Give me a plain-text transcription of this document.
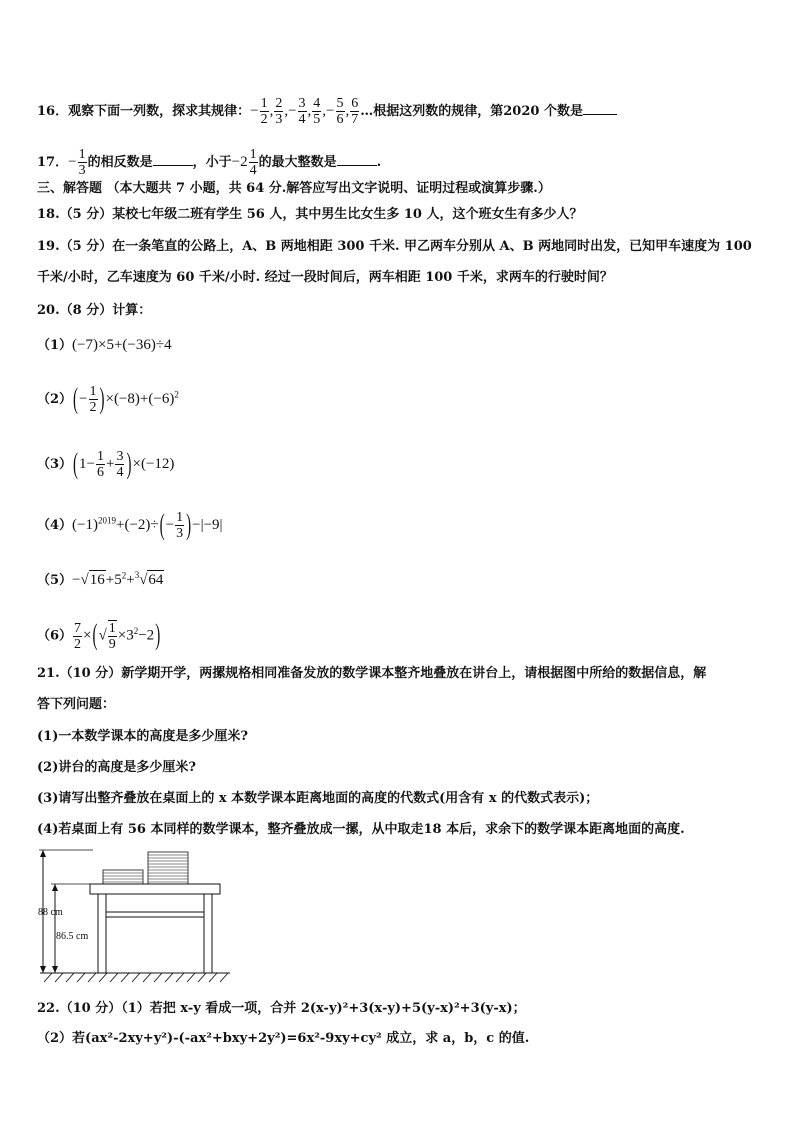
16．观察下面一列数，探求其规律：− $\frac{1}{2}$ , $\frac{2}{3}$ ,− $\frac{3}{4}$ , $\frac{4}{5}$ ,− $\frac{5}{6}$ , $\frac{6}{7}$ …根据这列数的规律，第2020 个数是
17．− $\frac{1}{3}$ 的相反数是	，小于$-2 \frac{1}{4}$ 的最大整数是	.
三、解答题 （本大题共 7 小题，共 64 分.解答应写出文字说明、证明过程或演算步骤.）
18.（5 分）某校七年级二班有学生 56 人，其中男生比女生多 10 人，这个班女生有多少人？
19.（5 分）在一条笔直的公路上，A、B 两地相距 300 千米. 甲乙两车分别从 A、B 两地同时出发，已知甲车速度为 100
千米/小时，乙车速度为 60 千米/小时. 经过一段时间后，两车相距 100 千米，求两车的行驶时间？
20.（8 分）计算：
（1）(−7)×5+(−36)÷4
$(2)(- \frac{1}{2} )\times(-8)+(-6)^2$
$(3)(1- \frac{1}{6} + \frac{3}{4} )\times(-12)$
$(4)(-1)^{2019}+(-2)\div(- \frac{1}{3} )-|-9|$
$(5)-√16+5^2+^3√64$
$(6) \frac{7}{2}$ ×(√ $\frac{1}{9} \times 3^2-2$)
21.（10 分）新学期开学，两摞规格相同准备发放的数学课本整齐地叠放在讲台上，请根据图中所给的数据信息，解
答下列问题：
(1)一本数学课本的高度是多少厘米?
(2)讲台的高度是多少厘米?
(3)请写出整齐叠放在桌面上的 x 本数学课本距离地面的高度的代数式(用含有 x 的代数式表示)；
(4)若桌面上有 56 本同样的数学课本，整齐叠放成一摞，从中取走18 本后，求余下的数学课本距离地面的高度.
88 cm
86.5 cm
22.（10 分）（1）若把 x-y 看成一项，合并 2(x-y)²+3(x-y)+5(y-x)²+3(y-x)；
（2）若(ax²-2xy+y²)-(-ax²+bxy+2y²)=6x²-9xy+cy² 成立，求 a，b，c 的值.
